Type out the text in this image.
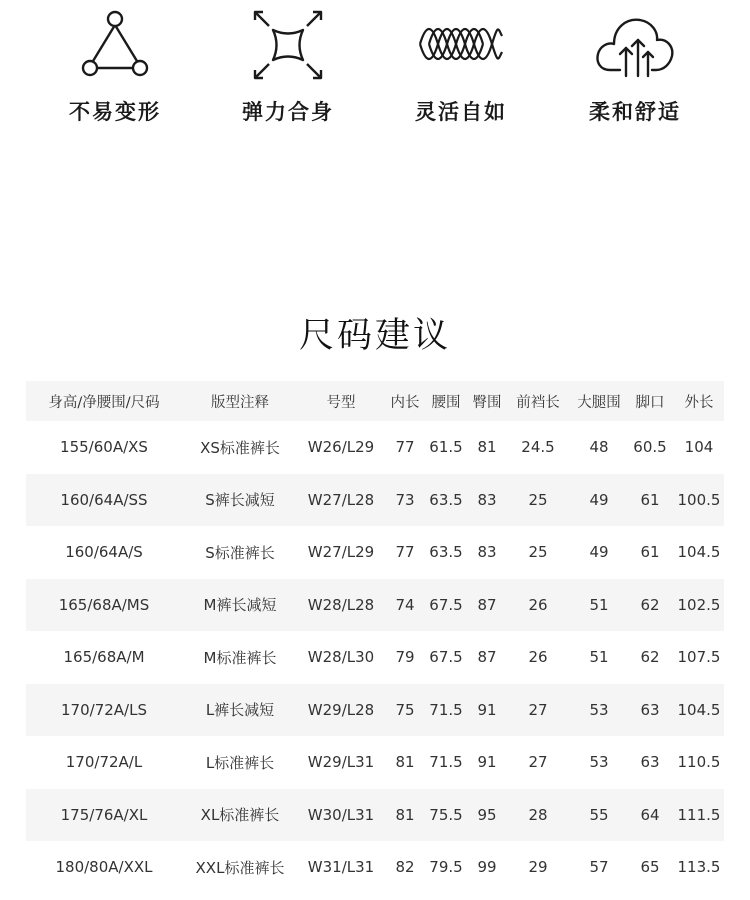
不易变形	弹力合身	灵活自如	柔和舒适
尺码建议
身高/净腰围/尺码	版型注释	号型	内长 腰围 臀围	前裆长	大腿围	脚口	外长
155/60A/XS	XS标准裤长	W26/L29	77 61.5 81	24.5	48	60.5	104
160/64A/SS	S裤长减短	W27/L28	73 63.5 83	25	49	61	100.5
160/64A/S	S标准裤长	W27/L29	77 63.5 83	25	49	61	104.5
165/68A/MS	M裤长减短	W28/L28	74 67.5 87	26	51	62	102.5
165/68A/M	M标准裤长	W28/L30	79 67.5 87	26	51	62	107.5
170/72A/LS	L裤长减短	W29/L28	75 71.5 91	27	53	63	104.5
170/72A/L	L标准裤长	W29/L31	81 71.5 91	27	53	63	110.5
175/76A/XL	XL标准裤长	W30/L31	81 75.5 95	28	55	64	111.5
180/80A/XXL	XXL标准裤长	W31/L31	82 79.5 99	29	57	65	113.5
